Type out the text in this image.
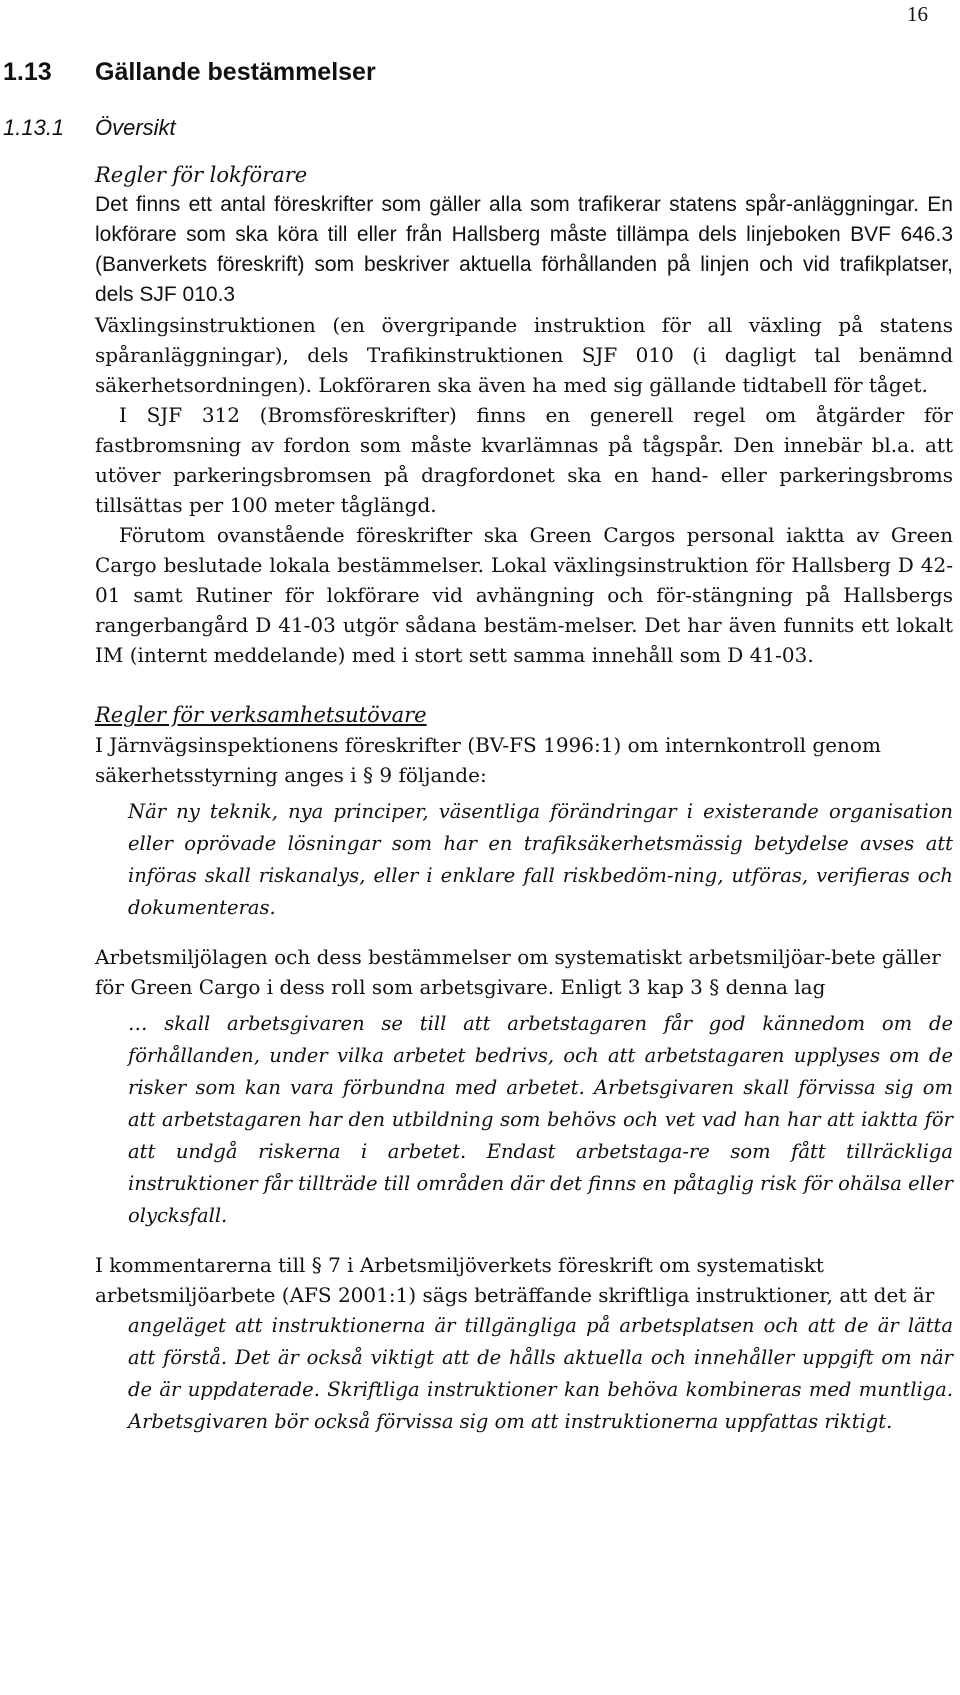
16
1.13 Gällande bestämmelser
1.13.1 Översikt

Regler för lokförare

Det finns ett antal föreskrifter som gäller alla som trafikerar statens spår-anläggningar. En lokförare som ska köra till eller från Hallsberg måste tillämpa dels linjeboken BVF 646.3 (Banverkets föreskrift) som beskriver aktuella förhållanden på linjen och vid trafikplatser, dels SJF 010.3

Växlingsinstruktionen (en övergripande instruktion för all växling på statens spåranläggningar), dels Trafikinstruktionen SJF 010 (i dagligt tal benämnd säkerhetsordningen). Lokföraren ska även ha med sig gällande tidtabell för tåget.

I SJF 312 (Bromsföreskrifter) finns en generell regel om åtgärder för fastbromsning av fordon som måste kvarlämnas på tågspår. Den innebär bl.a. att utöver parkeringsbromsen på dragfordonet ska en hand- eller parkeringsbroms tillsättas per 100 meter tåglängd.

Förutom ovanstående föreskrifter ska Green Cargos personal iaktta av Green Cargo beslutade lokala bestämmelser. Lokal växlingsinstruktion för Hallsberg D 42-01 samt Rutiner för lokförare vid avhängning och för-stängning på Hallsbergs rangerbangård D 41-03 utgör sådana bestäm-melser. Det har även funnits ett lokalt IM (internt meddelande) med i stort sett samma innehåll som D 41-03.

Regler för verksamhetsutövare

I Järnvägsinspektionens föreskrifter (BV-FS 1996:1) om internkontroll genom säkerhetsstyrning anges i § 9 följande:

När ny teknik, nya principer, väsentliga förändringar i existerande organisation eller oprövade lösningar som har en trafiksäkerhetsmässig betydelse avses att införas skall riskanalys, eller i enklare fall riskbedöm-ning, utföras, verifieras och dokumenteras.

Arbetsmiljölagen och dess bestämmelser om systematiskt arbetsmiljöar-bete gäller för Green Cargo i dess roll som arbetsgivare. Enligt 3 kap 3 § denna lag

… skall arbetsgivaren se till att arbetstagaren får god kännedom om de förhållanden, under vilka arbetet bedrivs, och att arbetstagaren upplyses om de risker som kan vara förbundna med arbetet. Arbetsgivaren skall förvissa sig om att arbetstagaren har den utbildning som behövs och vet vad han har att iaktta för att undgå riskerna i arbetet. Endast arbetstaga-re som fått tillräckliga instruktioner får tillträde till områden där det finns en påtaglig risk för ohälsa eller olycksfall.

I kommentarerna till § 7 i Arbetsmiljöverkets föreskrift om systematiskt arbetsmiljöarbete (AFS 2001:1) sägs beträffande skriftliga instruktioner, att det är

angeläget att instruktionerna är tillgängliga på arbetsplatsen och att de är lätta att förstå. Det är också viktigt att de hålls aktuella och innehåller uppgift om när de är uppdaterade. Skriftliga instruktioner kan behöva kombineras med muntliga. Arbetsgivaren bör också förvissa sig om att instruktionerna uppfattas riktigt.
